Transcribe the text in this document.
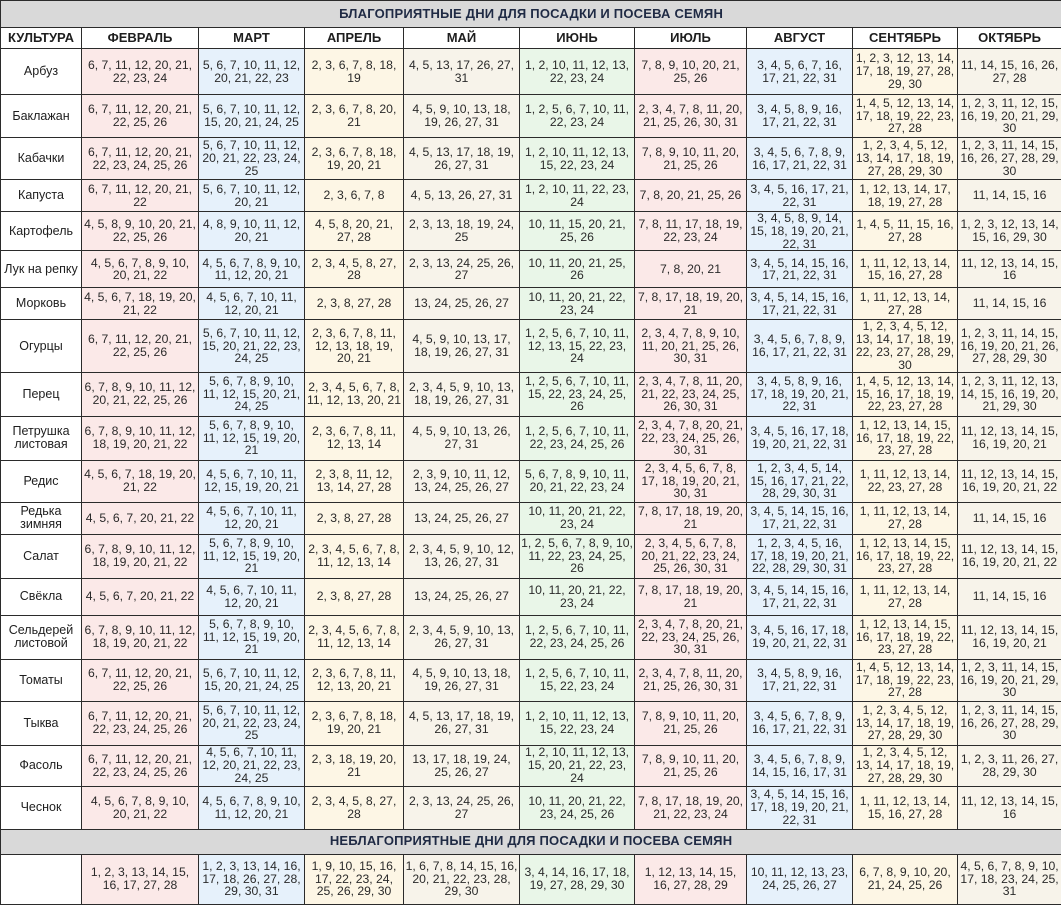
БЛАГОПРИЯТНЫЕ ДНИ ДЛЯ ПОСАДКИ И ПОСЕВА СЕМЯН									
КУЛЬТУРА	ФЕВРАЛЬ	МАРТ	АПРЕЛЬ	МАЙ	ИЮНЬ	ИЮЛЬ	АВГУСТ	СЕНТЯБРЬ	ОКТЯБРЬ
Арбуз	6, 7, 11, 12, 20, 21, 22, 23, 24	5, 6, 7, 10, 11, 12, 20, 21, 22, 23	2, 3, 6, 7, 8, 18, 19	4, 5, 13, 17, 26, 27, 31	1, 2, 10, 11, 12, 13, 22, 23, 24	7, 8, 9, 10, 20, 21, 25, 26	3, 4, 5, 6, 7, 16, 17, 21, 22, 31	1, 2, 3, 12, 13, 14, 17, 18, 19, 27, 28, 29, 30	11, 14, 15, 16, 26, 27, 28
Баклажан	6, 7, 11, 12, 20, 21, 22, 25, 26	5, 6, 7, 10, 11, 12, 15, 20, 21, 24, 25	2, 3, 6, 7, 8, 20, 21	4, 5, 9, 10, 13, 18, 19, 26, 27, 31	1, 2, 5, 6, 7, 10, 11, 22, 23, 24	2, 3, 4, 7, 8, 11, 20, 21, 25, 26, 30, 31	3, 4, 5, 8, 9, 16, 17, 21, 22, 31	1, 4, 5, 12, 13, 14, 17, 18, 19, 22, 23, 27, 28	1, 2, 3, 11, 12, 15, 16, 19, 20, 21, 29, 30
Кабачки	6, 7, 11, 12, 20, 21, 22, 23, 24, 25, 26	5, 6, 7, 10, 11, 12, 20, 21, 22, 23, 24, 25	2, 3, 6, 7, 8, 18, 19, 20, 21	4, 5, 13, 17, 18, 19, 26, 27, 31	1, 2, 10, 11, 12, 13, 15, 22, 23, 24	7, 8, 9, 10, 11, 20, 21, 25, 26	3, 4, 5, 6, 7, 8, 9, 16, 17, 21, 22, 31	1, 2, 3, 4, 5, 12, 13, 14, 17, 18, 19, 27, 28, 29, 30	1, 2, 3, 11, 14, 15, 16, 26, 27, 28, 29, 30
Капуста	6, 7, 11, 12, 20, 21, 22	5, 6, 7, 10, 11, 12, 20, 21	2, 3, 6, 7, 8	4, 5, 13, 26, 27, 31	1, 2, 10, 11, 22, 23, 24	7, 8, 20, 21, 25, 26	3, 4, 5, 16, 17, 21, 22, 31	1, 12, 13, 14, 17, 18, 19, 27, 28	11, 14, 15, 16
Картофель	4, 5, 8, 9, 10, 20, 21, 22, 25, 26	4, 8, 9, 10, 11, 12, 20, 21	4, 5, 8, 20, 21, 27, 28	2, 3, 13, 18, 19, 24, 25	10, 11, 15, 20, 21, 25, 26	7, 8, 11, 17, 18, 19, 22, 23, 24	3, 4, 5, 8, 9, 14, 15, 18, 19, 20, 21, 22, 31	1, 4, 5, 11, 15, 16, 27, 28	1, 2, 3, 12, 13, 14, 15, 16, 29, 30
Лук на репку	4, 5, 6, 7, 8, 9, 10, 20, 21, 22	4, 5, 6, 7, 8, 9, 10, 11, 12, 20, 21	2, 3, 4, 5, 8, 27, 28	2, 3, 13, 24, 25, 26, 27	10, 11, 20, 21, 25, 26	7, 8, 20, 21	3, 4, 5, 14, 15, 16, 17, 21, 22, 31	1, 11, 12, 13, 14, 15, 16, 27, 28	11, 12, 13, 14, 15, 16
Морковь	4, 5, 6, 7, 18, 19, 20, 21, 22	4, 5, 6, 7, 10, 11, 12, 20, 21	2, 3, 8, 27, 28	13, 24, 25, 26, 27	10, 11, 20, 21, 22, 23, 24	7, 8, 17, 18, 19, 20, 21	3, 4, 5, 14, 15, 16, 17, 21, 22, 31	1, 11, 12, 13, 14, 27, 28	11, 14, 15, 16
Огурцы	6, 7, 11, 12, 20, 21, 22, 25, 26	5, 6, 7, 10, 11, 12, 15, 20, 21, 22, 23, 24, 25	2, 3, 6, 7, 8, 11, 12, 13, 18, 19, 20, 21	4, 5, 9, 10, 13, 17, 18, 19, 26, 27, 31	1, 2, 5, 6, 7, 10, 11, 12, 13, 15, 22, 23, 24	2, 3, 4, 7, 8, 9, 10, 11, 20, 21, 25, 26, 30, 31	3, 4, 5, 6, 7, 8, 9, 16, 17, 21, 22, 31	1, 2, 3, 4, 5, 12, 13, 14, 17, 18, 19, 22, 23, 27, 28, 29, 30	1, 2, 3, 11, 14, 15, 16, 19, 20, 21, 26, 27, 28, 29, 30
Перец	6, 7, 8, 9, 10, 11, 12, 20, 21, 22, 25, 26	5, 6, 7, 8, 9, 10, 11, 12, 15, 20, 21, 24, 25	2, 3, 4, 5, 6, 7, 8, 11, 12, 13, 20, 21	2, 3, 4, 5, 9, 10, 13, 18, 19, 26, 27, 31	1, 2, 5, 6, 7, 10, 11, 15, 22, 23, 24, 25, 26	2, 3, 4, 7, 8, 11, 20, 21, 22, 23, 24, 25, 26, 30, 31	3, 4, 5, 8, 9, 16, 17, 18, 19, 20, 21, 22, 31	1, 4, 5, 12, 13, 14, 15, 16, 17, 18, 19, 22, 23, 27, 28	1, 2, 3, 11, 12, 13, 14, 15, 16, 19, 20, 21, 29, 30
Петрушка листовая	6, 7, 8, 9, 10, 11, 12, 18, 19, 20, 21, 22	5, 6, 7, 8, 9, 10, 11, 12, 15, 19, 20, 21	2, 3, 6, 7, 8, 11, 12, 13, 14	4, 5, 9, 10, 13, 26, 27, 31	1, 2, 5, 6, 7, 10, 11, 22, 23, 24, 25, 26	2, 3, 4, 7, 8, 20, 21, 22, 23, 24, 25, 26, 30, 31	3, 4, 5, 16, 17, 18, 19, 20, 21, 22, 31	1, 12, 13, 14, 15, 16, 17, 18, 19, 22, 23, 27, 28	11, 12, 13, 14, 15, 16, 19, 20, 21
Редис	4, 5, 6, 7, 18, 19, 20, 21, 22	4, 5, 6, 7, 10, 11, 12, 15, 19, 20, 21	2, 3, 8, 11, 12, 13, 14, 27, 28	2, 3, 9, 10, 11, 12, 13, 24, 25, 26, 27	5, 6, 7, 8, 9, 10, 11, 20, 21, 22, 23, 24	2, 3, 4, 5, 6, 7, 8, 17, 18, 19, 20, 21, 30, 31	1, 2, 3, 4, 5, 14, 15, 16, 17, 21, 22, 28, 29, 30, 31	1, 11, 12, 13, 14, 22, 23, 27, 28	11, 12, 13, 14, 15, 16, 19, 20, 21, 22
Редька зимняя	4, 5, 6, 7, 20, 21, 22	4, 5, 6, 7, 10, 11, 12, 20, 21	2, 3, 8, 27, 28	13, 24, 25, 26, 27	10, 11, 20, 21, 22, 23, 24	7, 8, 17, 18, 19, 20, 21	3, 4, 5, 14, 15, 16, 17, 21, 22, 31	1, 11, 12, 13, 14, 27, 28	11, 14, 15, 16
Салат	6, 7, 8, 9, 10, 11, 12, 18, 19, 20, 21, 22	5, 6, 7, 8, 9, 10, 11, 12, 15, 19, 20, 21	2, 3, 4, 5, 6, 7, 8, 11, 12, 13, 14	2, 3, 4, 5, 9, 10, 12, 13, 26, 27, 31	1, 2, 5, 6, 7, 8, 9, 10, 11, 22, 23, 24, 25, 26	2, 3, 4, 5, 6, 7, 8, 20, 21, 22, 23, 24, 25, 26, 30, 31	1, 2, 3, 4, 5, 16, 17, 18, 19, 20, 21, 22, 28, 29, 30, 31	1, 12, 13, 14, 15, 16, 17, 18, 19, 22, 23, 27, 28	11, 12, 13, 14, 15, 16, 19, 20, 21, 22
Свёкла	4, 5, 6, 7, 20, 21, 22	4, 5, 6, 7, 10, 11, 12, 20, 21	2, 3, 8, 27, 28	13, 24, 25, 26, 27	10, 11, 20, 21, 22, 23, 24	7, 8, 17, 18, 19, 20, 21	3, 4, 5, 14, 15, 16, 17, 21, 22, 31	1, 11, 12, 13, 14, 27, 28	11, 14, 15, 16
Сельдерей листовой	6, 7, 8, 9, 10, 11, 12, 18, 19, 20, 21, 22	5, 6, 7, 8, 9, 10, 11, 12, 15, 19, 20, 21	2, 3, 4, 5, 6, 7, 8, 11, 12, 13, 14	2, 3, 4, 5, 9, 10, 13, 26, 27, 31	1, 2, 5, 6, 7, 10, 11, 22, 23, 24, 25, 26	2, 3, 4, 7, 8, 20, 21, 22, 23, 24, 25, 26, 30, 31	3, 4, 5, 16, 17, 18, 19, 20, 21, 22, 31	1, 12, 13, 14, 15, 16, 17, 18, 19, 22, 23, 27, 28	11, 12, 13, 14, 15, 16, 19, 20, 21
Томаты	6, 7, 11, 12, 20, 21, 22, 25, 26	5, 6, 7, 10, 11, 12, 15, 20, 21, 24, 25	2, 3, 6, 7, 8, 11, 12, 13, 20, 21	4, 5, 9, 10, 13, 18, 19, 26, 27, 31	1, 2, 5, 6, 7, 10, 11, 15, 22, 23, 24	2, 3, 4, 7, 8, 11, 20, 21, 25, 26, 30, 31	3, 4, 5, 8, 9, 16, 17, 21, 22, 31	1, 4, 5, 12, 13, 14, 17, 18, 19, 22, 23, 27, 28	1, 2, 3, 11, 14, 15, 16, 19, 20, 21, 29, 30
Тыква	6, 7, 11, 12, 20, 21, 22, 23, 24, 25, 26	5, 6, 7, 10, 11, 12, 20, 21, 22, 23, 24, 25	2, 3, 6, 7, 8, 18, 19, 20, 21	4, 5, 13, 17, 18, 19, 26, 27, 31	1, 2, 10, 11, 12, 13, 15, 22, 23, 24	7, 8, 9, 10, 11, 20, 21, 25, 26	3, 4, 5, 6, 7, 8, 9, 16, 17, 21, 22, 31	1, 2, 3, 4, 5, 12, 13, 14, 17, 18, 19, 27, 28, 29, 30	1, 2, 3, 11, 14, 15, 16, 26, 27, 28, 29, 30
Фасоль	6, 7, 11, 12, 20, 21, 22, 23, 24, 25, 26	4, 5, 6, 7, 10, 11, 12, 20, 21, 22, 23, 24, 25	2, 3, 18, 19, 20, 21	13, 17, 18, 19, 24, 25, 26, 27	1, 2, 10, 11, 12, 13, 15, 20, 21, 22, 23, 24	7, 8, 9, 10, 11, 20, 21, 25, 26	3, 4, 5, 6, 7, 8, 9, 14, 15, 16, 17, 31	1, 2, 3, 4, 5, 12, 13, 14, 17, 18, 19, 27, 28, 29, 30	1, 2, 3, 11, 26, 27, 28, 29, 30
Чеснок	4, 5, 6, 7, 8, 9, 10, 20, 21, 22	4, 5, 6, 7, 8, 9, 10, 11, 12, 20, 21	2, 3, 4, 5, 8, 27, 28	2, 3, 13, 24, 25, 26, 27	10, 11, 20, 21, 22, 23, 24, 25, 26	7, 8, 17, 18, 19, 20, 21, 22, 23, 24	3, 4, 5, 14, 15, 16, 17, 18, 19, 20, 21, 22, 31	1, 11, 12, 13, 14, 15, 16, 27, 28	11, 12, 13, 14, 15, 16
НЕБЛАГОПРИЯТНЫЕ ДНИ ДЛЯ ПОСАДКИ И ПОСЕВА СЕМЯН									
	1, 2, 3, 13, 14, 15, 16, 17, 27, 28	1, 2, 3, 13, 14, 16, 17, 18, 26, 27, 28, 29, 30, 31	1, 9, 10, 15, 16, 17, 22, 23, 24, 25, 26, 29, 30	1, 6, 7, 8, 14, 15, 16, 20, 21, 22, 23, 28, 29, 30	3, 4, 14, 16, 17, 18, 19, 27, 28, 29, 30	1, 12, 13, 14, 15, 16, 27, 28, 29	10, 11, 12, 13, 23, 24, 25, 26, 27	6, 7, 8, 9, 10, 20, 21, 24, 25, 26	4, 5, 6, 7, 8, 9, 10, 17, 18, 23, 24, 25, 31
